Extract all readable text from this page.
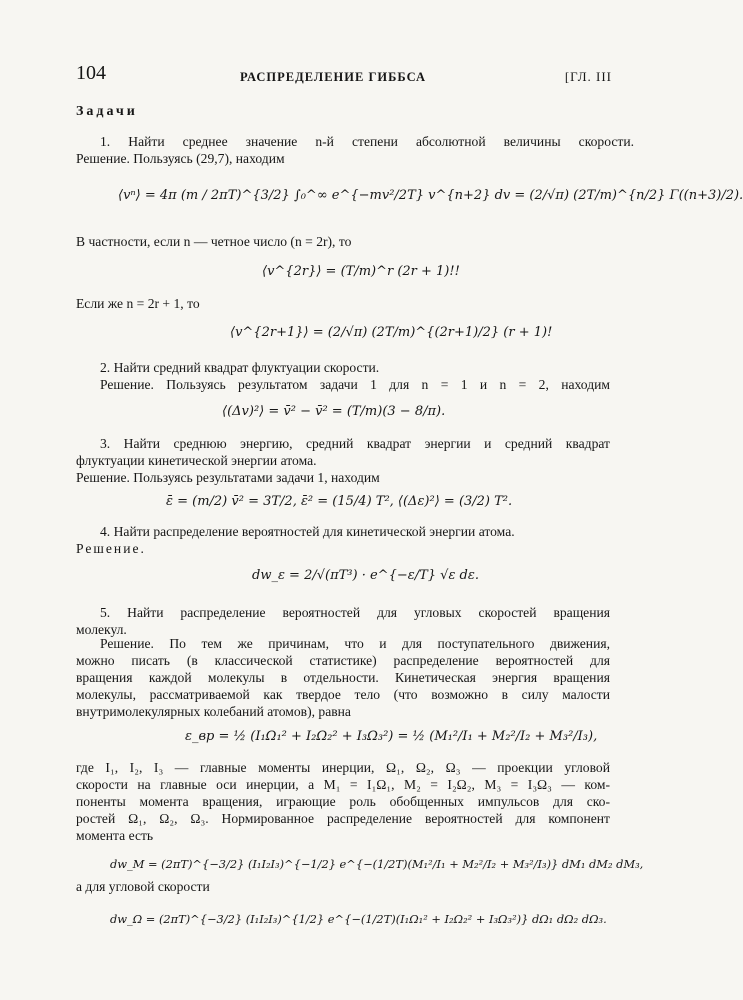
104	РАСПРЕДЕЛЕНИЕ ГИББСА	[ГЛ. III
Задачи
1. Найти среднее значение n-й степени абсолютной величины скорости.
Решение. Пользуясь (29,7), находим
⟨vⁿ⟩ = 4π (m / 2πT)^{3/2} ∫₀^∞ e^{−mv²/2T} v^{n+2} dv = (2/√π) (2T/m)^{n/2} Γ((n+3)/2).
В частности, если n — четное число (n = 2r), то
⟨v^{2r}⟩ = (T/m)^r (2r + 1)!!
Если же n = 2r + 1, то
⟨v^{2r+1}⟩ = (2/√π) (2T/m)^{(2r+1)/2} (r + 1)!
2. Найти средний квадрат флуктуации скорости.
Решение. Пользуясь результатом задачи 1 для n = 1 и n = 2, находим
⟨(Δv)²⟩ = v̄² − v̄² = (T/m)(3 − 8/π).
3. Найти среднюю энергию, средний квадрат энергии и средний квадрат
флуктуации кинетической энергии атома.
Решение. Пользуясь результатами задачи 1, находим
ε̄ = (m/2) v̄² = 3T/2, ε̄² = (15/4) T², ⟨(Δε)²⟩ = (3/2) T².
4. Найти распределение вероятностей для кинетической энергии атома.
Решение.
dw_ε = 2/√(πT³) · e^{−ε/T} √ε dε.
5. Найти распределение вероятностей для угловых скоростей вращения
молекул.
Решение. По тем же причинам, что и для поступательного движения,
можно писать (в классической статистике) распределение вероятностей для
вращения каждой молекулы в отдельности. Кинетическая энергия вращения
молекулы, рассматриваемой как твердое тело (что возможно в силу малости
внутримолекулярных колебаний атомов), равна
ε_вр = ½ (I₁Ω₁² + I₂Ω₂² + I₃Ω₃²) = ½ (M₁²/I₁ + M₂²/I₂ + M₃²/I₃),
где I₁, I₂, I₃ — главные моменты инерции, Ω₁, Ω₂, Ω₃ — проекции угловой
скорости на главные оси инерции, а M₁ = I₁Ω₁, M₂ = I₂Ω₂, M₃ = I₃Ω₃ — ком-
поненты момента вращения, играющие роль обобщенных импульсов для ско-
ростей Ω₁, Ω₂, Ω₃. Нормированное распределение вероятностей для компонент
момента есть
dw_M = (2πT)^{−3/2} (I₁I₂I₃)^{−1/2} e^{−(1/2T)(M₁²/I₁ + M₂²/I₂ + M₃²/I₃)} dM₁ dM₂ dM₃,
а для угловой скорости
dw_Ω = (2πT)^{−3/2} (I₁I₂I₃)^{1/2} e^{−(1/2T)(I₁Ω₁² + I₂Ω₂² + I₃Ω₃²)} dΩ₁ dΩ₂ dΩ₃.
